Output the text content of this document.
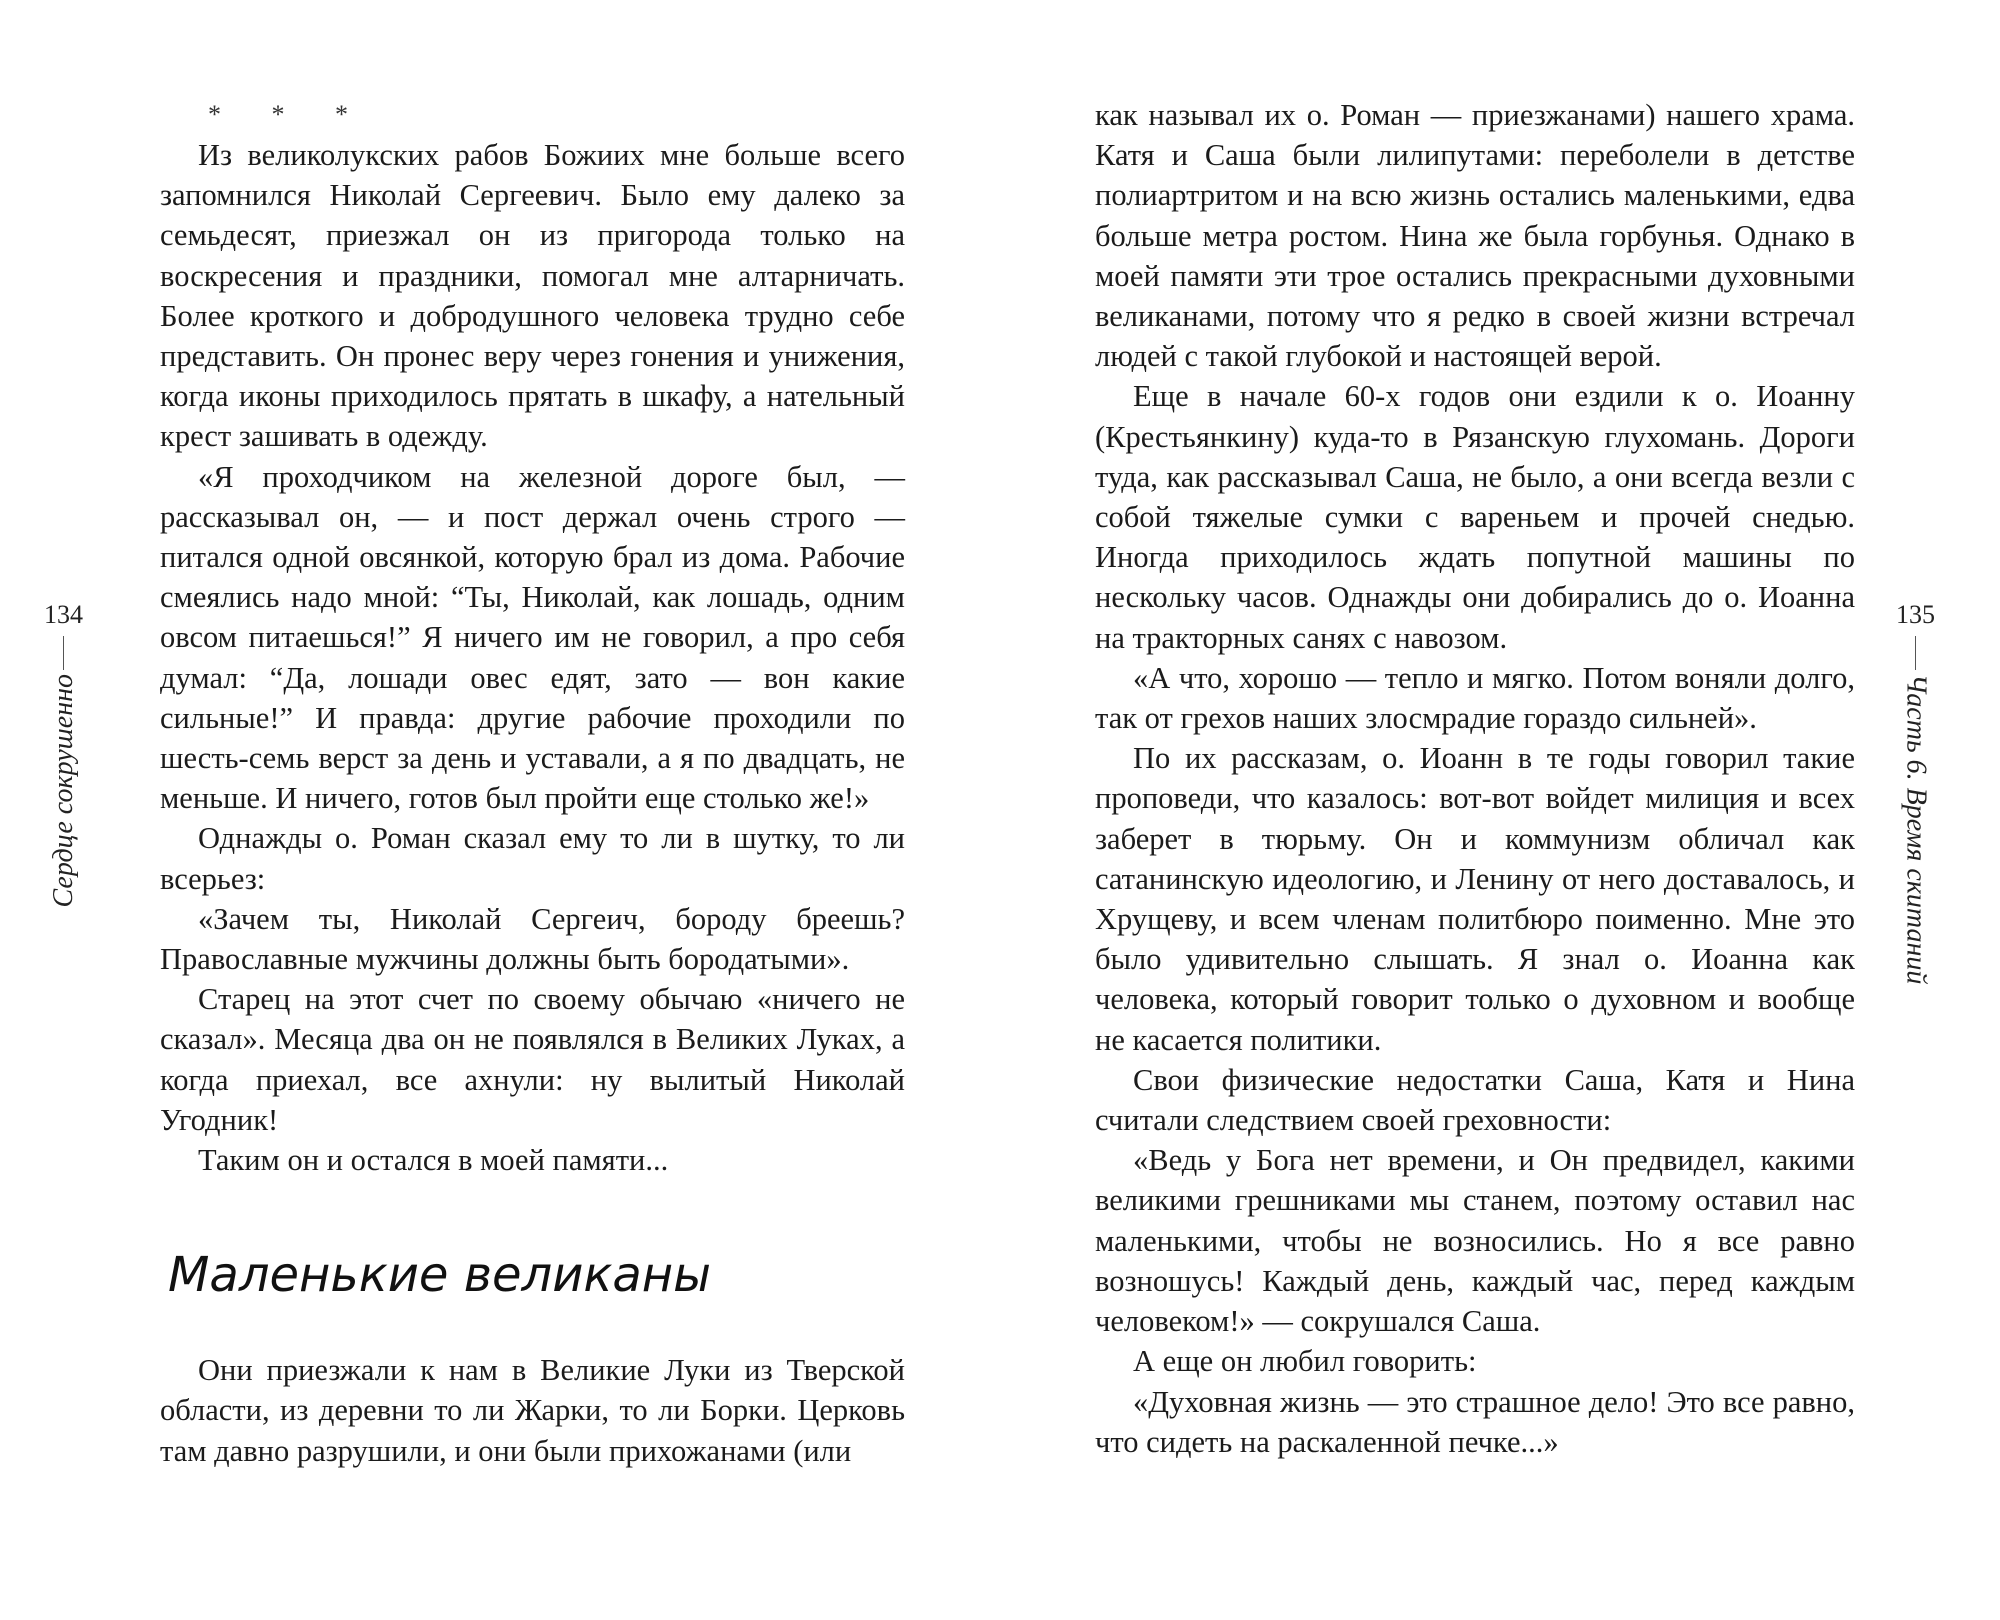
134
Сердце сокрушенно
* * *

Из великолукских рабов Божиих мне больше всего запомнился Николай Сергеевич. Было ему далеко за семьдесят, приезжал он из пригорода только на воскресения и праздники, помогал мне алтарничать. Более кроткого и добродушного человека трудно себе представить. Он пронес веру через гонения и унижения, когда иконы приходилось прятать в шкафу, а нательный крест зашивать в одежду.

«Я проходчиком на железной дороге был, — рассказывал он, — и пост держал очень строго — питался одной овсянкой, которую брал из дома. Рабочие смеялись надо мной: “Ты, Николай, как лошадь, одним овсом питаешься!” Я ничего им не говорил, а про себя думал: “Да, лошади овес едят, зато — вон какие сильные!” И правда: другие рабочие проходили по шесть-семь верст за день и уставали, а я по двадцать, не меньше. И ничего, готов был пройти еще столько же!»

Однажды о. Роман сказал ему то ли в шутку, то ли всерьез:

«Зачем ты, Николай Сергеич, бороду бреешь? Православные мужчины должны быть бородатыми».

Старец на этот счет по своему обычаю «ничего не сказал». Месяца два он не появлялся в Великих Луках, а когда приехал, все ахнули: ну вылитый Николай Угодник!

Таким он и остался в моей памяти...

Маленькие великаны

Они приезжали к нам в Великие Луки из Тверской области, из деревни то ли Жарки, то ли Борки. Церковь там давно разрушили, и они были прихожанами (или

как называл их о. Роман — приезжанами) нашего храма. Катя и Саша были лилипутами: переболели в детстве полиартритом и на всю жизнь остались маленькими, едва больше метра ростом. Нина же была горбунья. Однако в моей памяти эти трое остались прекрасными духовными великанами, потому что я редко в своей жизни встречал людей с такой глубокой и настоящей верой.

Еще в начале 60-х годов они ездили к о. Иоанну (Крестьянкину) куда-то в Рязанскую глухомань. Дороги туда, как рассказывал Саша, не было, а они всегда везли с собой тяжелые сумки с вареньем и прочей снедью. Иногда приходилось ждать попутной машины по нескольку часов. Однажды они добирались до о. Иоанна на тракторных санях с навозом.

«А что, хорошо — тепло и мягко. Потом воняли долго, так от грехов наших злосмрадие гораздо сильней».

По их рассказам, о. Иоанн в те годы говорил такие проповеди, что казалось: вот-вот войдет милиция и всех заберет в тюрьму. Он и коммунизм обличал как сатанинскую идеологию, и Ленину от него доставалось, и Хрущеву, и всем членам политбюро поименно. Мне это было удивительно слышать. Я знал о. Иоанна как человека, который говорит только о духовном и вообще не касается политики.

Свои физические недостатки Саша, Катя и Нина считали следствием своей греховности:

«Ведь у Бога нет времени, и Он предвидел, какими великими грешниками мы станем, поэтому оставил нас маленькими, чтобы не возносились. Но я все равно возношусь! Каждый день, каждый час, перед каждым человеком!» — сокрушался Саша.

А еще он любил говорить:

«Духовная жизнь — это страшное дело! Это все равно, что сидеть на раскаленной печке...»

135
Часть 6. Время скитаний
